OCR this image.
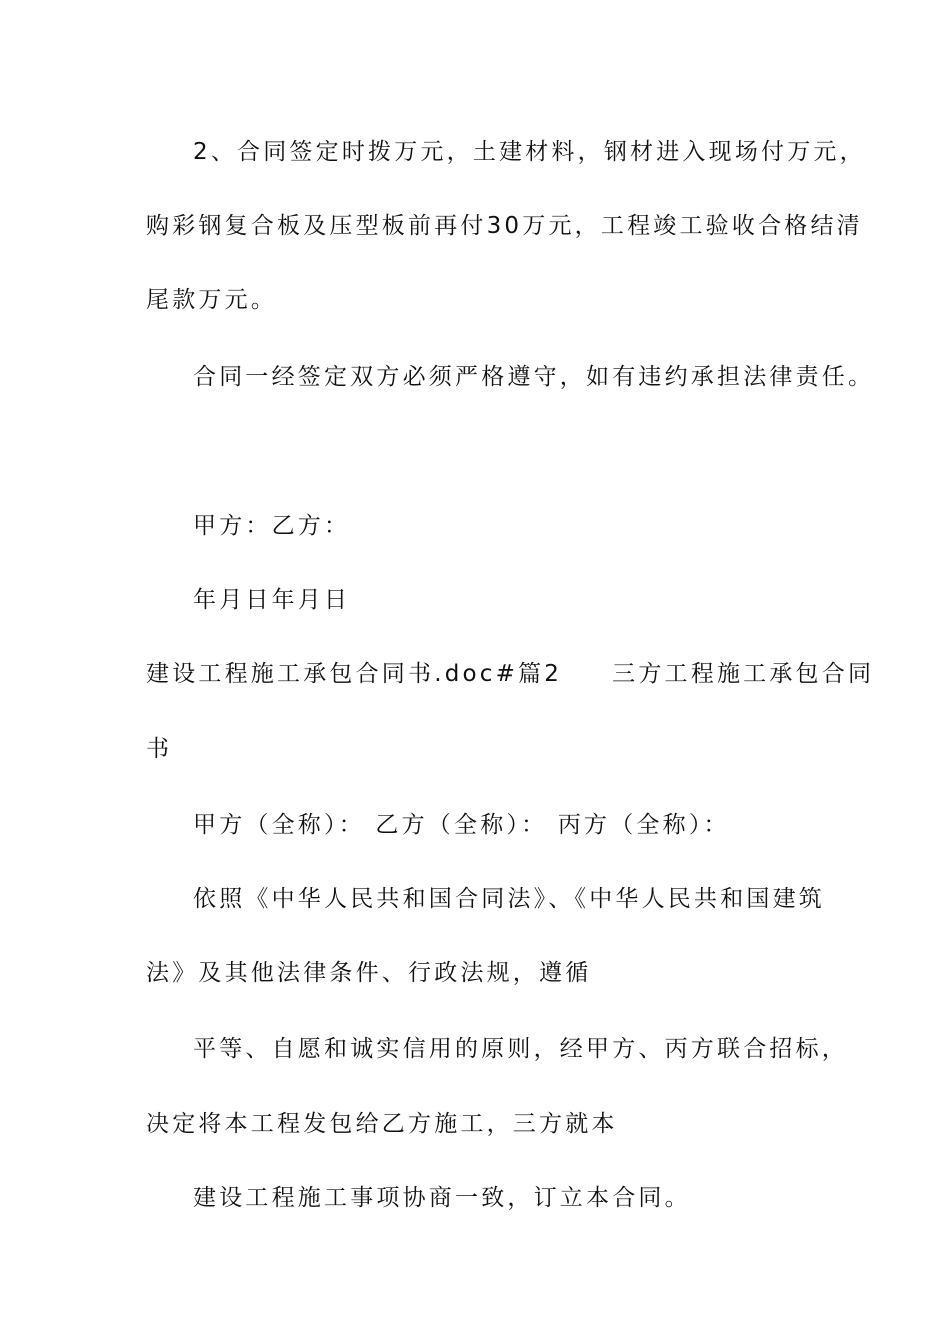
2、合同签定时拨万元，土建材料，钢材进入现场付万元，
购彩钢复合板及压型板前再付30万元，工程竣工验收合格结清
尾款万元。
合同一经签定双方必须严格遵守，如有违约承担法律责任。
甲方：乙方：
年月日年月日
建设工程施工承包合同书.doc#篇2 三方工程施工承包合同
书
甲方（全称）： 乙方（全称）： 丙方（全称）：
依照《中华人民共和国合同法》、《中华人民共和国建筑
法》及其他法律条件、行政法规，遵循
平等、自愿和诚实信用的原则，经甲方、丙方联合招标，
决定将本工程发包给乙方施工，三方就本
建设工程施工事项协商一致，订立本合同。
